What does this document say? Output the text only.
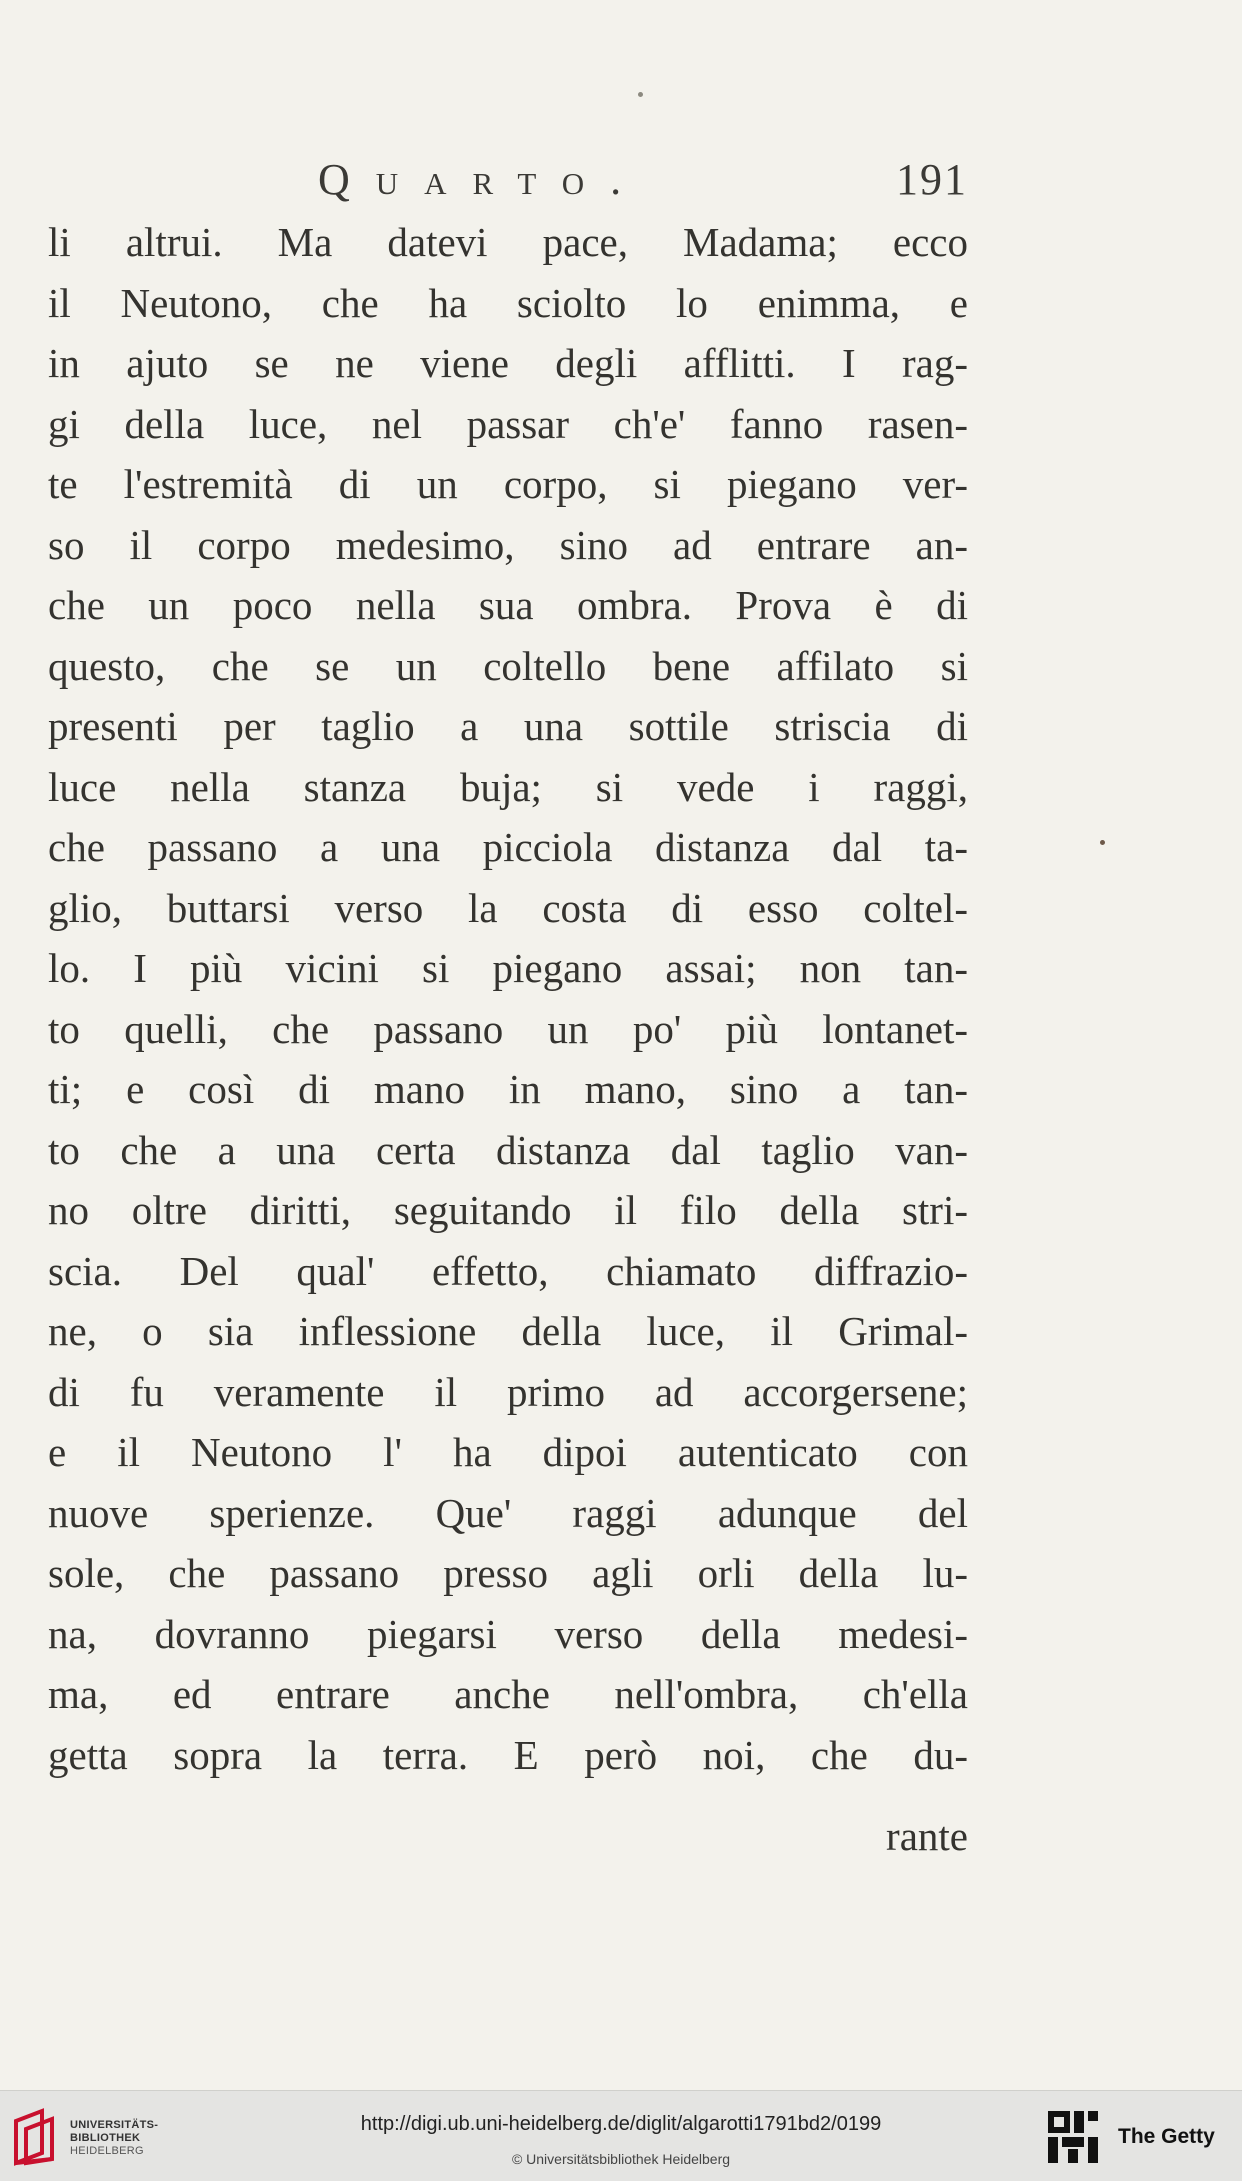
Quarto.	191
li altrui. Ma datevi pace, Madama; ecco
il Neutono, che ha sciolto lo enimma, e
in ajuto se ne viene degli afflitti. I rag-
gi della luce, nel passar ch'e' fanno rasen-
te l'estremità di un corpo, si piegano ver-
so il corpo medesimo, sino ad entrare an-
che un poco nella sua ombra. Prova è di
questo, che se un coltello bene affilato si
presenti per taglio a una sottile striscia di
luce nella stanza buja; si vede i raggi,
che passano a una picciola distanza dal ta-
glio, buttarsi verso la costa di esso coltel-
lo. I più vicini si piegano assai; non tan-
to quelli, che passano un po' più lontanet-
ti; e così di mano in mano, sino a tan-
to che a una certa distanza dal taglio van-
no oltre diritti, seguitando il filo della stri-
scia. Del qual' effetto, chiamato diffrazio-
ne, o sia inflessione della luce, il Grimal-
di fu veramente il primo ad accorgersene;
e il Neutono l' ha dipoi autenticato con
nuove sperienze. Que' raggi adunque del
sole, che passano presso agli orli della lu-
na, dovranno piegarsi verso della medesi-
ma, ed entrare anche nell'ombra, ch'ella
getta sopra la terra. E però noi, che du-
rante
UNIVERSITÄTS-
BIBLIOTHEK
HEIDELBERG
http://digi.ub.uni-heidelberg.de/diglit/algarotti1791bd2/0199
© Universitätsbibliothek Heidelberg
The Getty
